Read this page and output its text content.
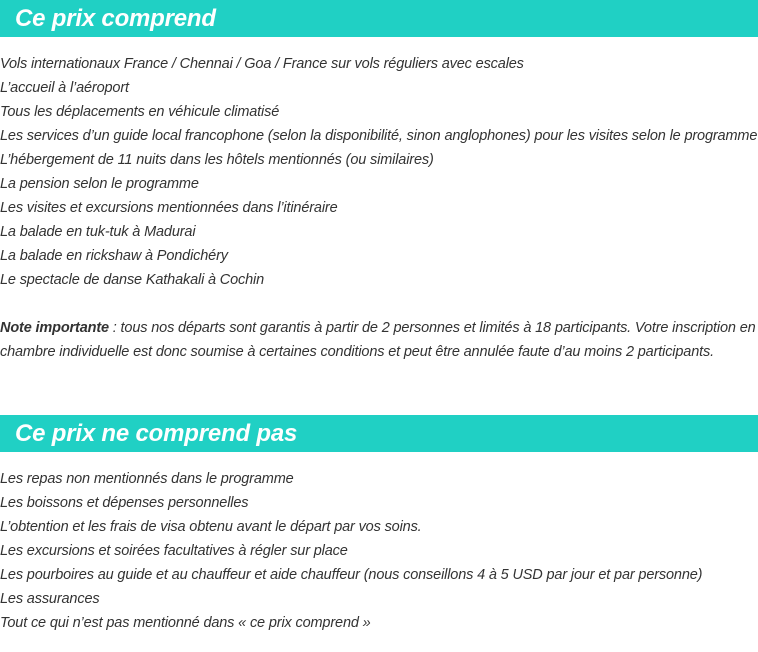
Ce prix comprend
Vols internationaux France / Chennai / Goa / France sur vols réguliers avec escales
L’accueil à l’aéroport
Tous les déplacements en véhicule climatisé
Les services d’un guide local francophone (selon la disponibilité, sinon anglophones) pour les visites selon le programme
L’hébergement de 11 nuits dans les hôtels mentionnés (ou similaires)
La pension selon le programme
Les visites et excursions mentionnées dans l’itinéraire
La balade en tuk-tuk à Madurai
La balade en rickshaw à Pondichéry
Le spectacle de danse Kathakali à Cochin

Note importante : tous nos départs sont garantis à partir de 2 personnes et limités à 18 participants. Votre inscription en chambre individuelle est donc soumise à certaines conditions et peut être annulée faute d’au moins 2 participants.

Ce prix ne comprend pas
Les repas non mentionnés dans le programme
Les boissons et dépenses personnelles
L’obtention et les frais de visa obtenu avant le départ par vos soins.
Les excursions et soirées facultatives à régler sur place
Les pourboires au guide et au chauffeur et aide chauffeur (nous conseillons 4 à 5 USD par jour et par personne)
Les assurances
Tout ce qui n’est pas mentionné dans « ce prix comprend »
